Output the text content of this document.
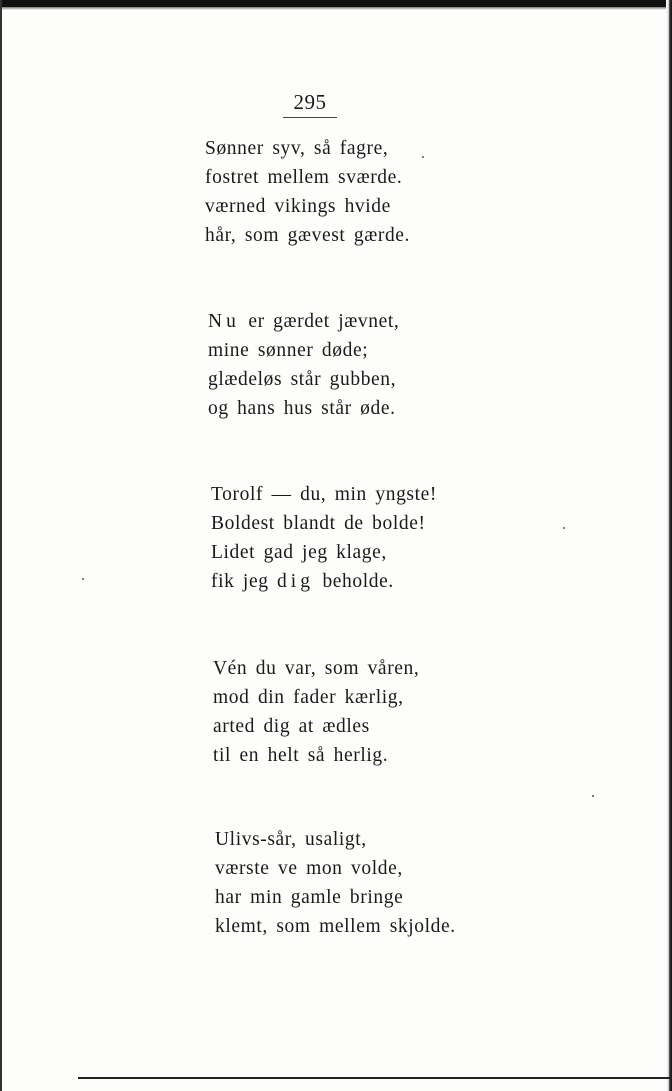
295
Sønner syv, så fagre,
fostret mellem sværde.
værned vikings hvide
hår, som gævest gærde.
Nu er gærdet jævnet,
mine sønner døde;
glædeløs står gubben,
og hans hus står øde.
Torolf — du, min yngste!
Boldest blandt de bolde!
Lidet gad jeg klage,
fik jeg dig beholde.
Vén du var, som våren,
mod din fader kærlig,
arted dig at ædles
til en helt så herlig.
Ulivs-sår, usaligt,
værste ve mon volde,
har min gamle bringe
klemt, som mellem skjolde.
